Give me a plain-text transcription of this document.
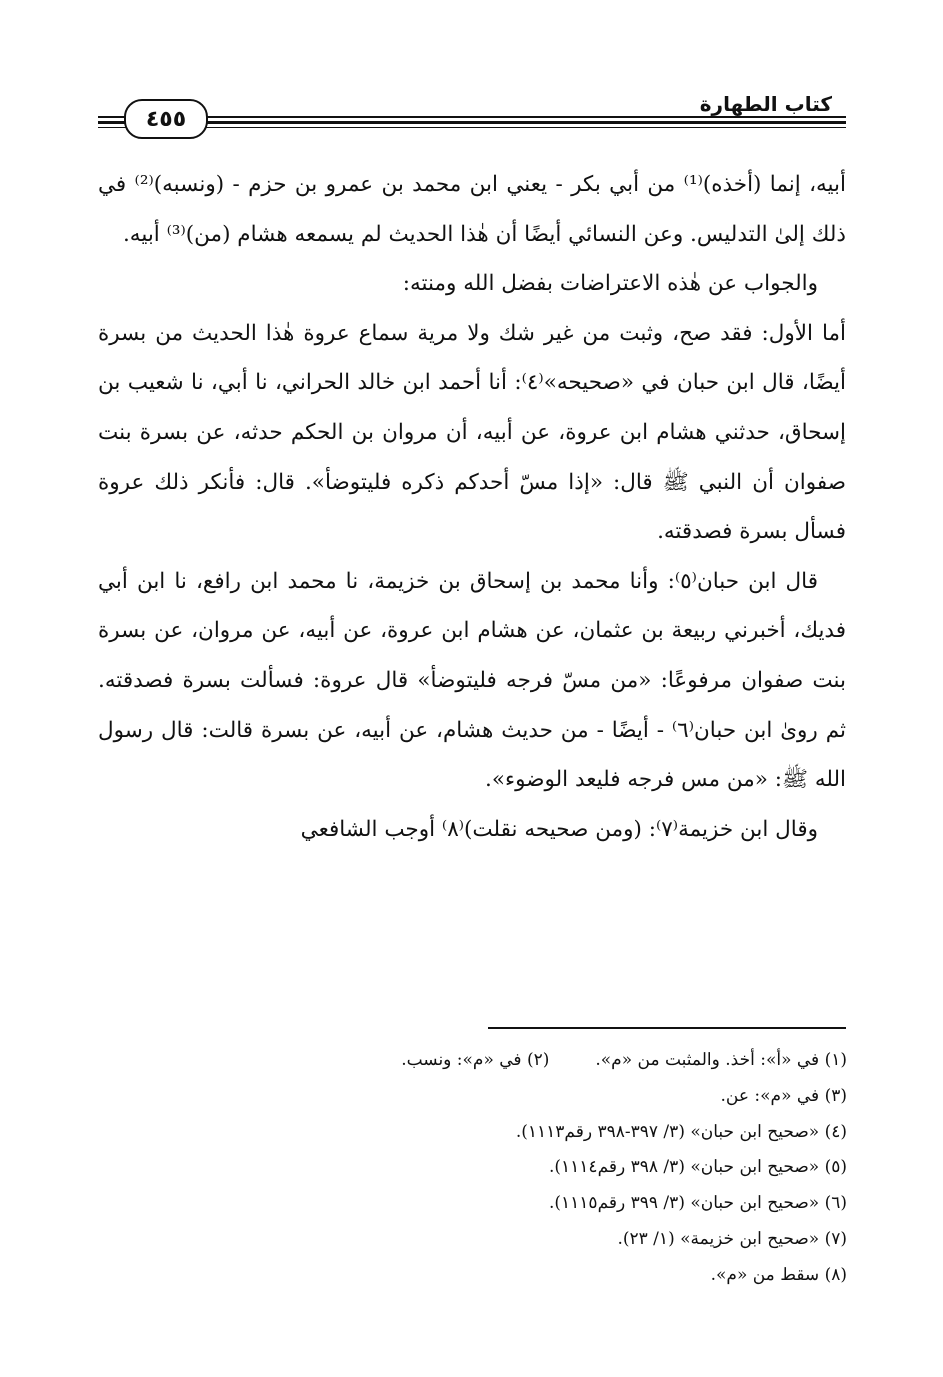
كتاب الطهارة
٤٥٥

أبيه، إنما (أخذه)⁽¹⁾ من أبي بكر - يعني ابن محمد بن عمرو بن حزم - (ونسبه)⁽²⁾ في ذلك إلىٰ التدليس. وعن النسائي أيضًا أن هٰذا الحديث لم يسمعه هشام (من)⁽³⁾ أبيه.

والجواب عن هٰذه الاعتراضات بفضل الله ومنته:

أما الأول: فقد صح، وثبت من غير شك ولا مرية سماع عروة هٰذا الحديث من بسرة أيضًا، قال ابن حبان في «صحيحه»⁽٤⁾: أنا أحمد ابن خالد الحراني، نا أبي، نا شعيب بن إسحاق، حدثني هشام ابن عروة، عن أبيه، أن مروان بن الحكم حدثه، عن بسرة بنت صفوان أن النبي ﷺ قال: «إذا مسّ أحدكم ذكره فليتوضأ». قال: فأنكر ذلك عروة فسأل بسرة فصدقته.

قال ابن حبان⁽٥⁾: وأنا محمد بن إسحاق بن خزيمة، نا محمد ابن رافع، نا ابن أبي فديك، أخبرني ربيعة بن عثمان، عن هشام ابن عروة، عن أبيه، عن مروان، عن بسرة بنت صفوان مرفوعًا: «من مسّ فرجه فليتوضأ» قال عروة: فسألت بسرة فصدقته. ثم روىٰ ابن حبان⁽٦⁾ - أيضًا - من حديث هشام، عن أبيه، عن بسرة قالت: قال رسول الله ﷺ: «من مس فرجه فليعد الوضوء».

وقال ابن خزيمة⁽٧⁾: (ومن صحيحه نقلت)⁽٨⁾ أوجب الشافعي

(١) في «أ»: أخذ. والمثبت من «م».(٢) في «م»: ونسب.
(٣) في «م»: عن.
(٤) «صحيح ابن حبان» (٣/ ٣٩٧-٣٩٨ رقم١١١٣).
(٥) «صحيح ابن حبان» (٣/ ٣٩٨ رقم١١١٤).
(٦) «صحيح ابن حبان» (٣/ ٣٩٩ رقم١١١٥).
(٧) «صحيح ابن خزيمة» (١/ ٢٣).
(٨) سقط من «م».
